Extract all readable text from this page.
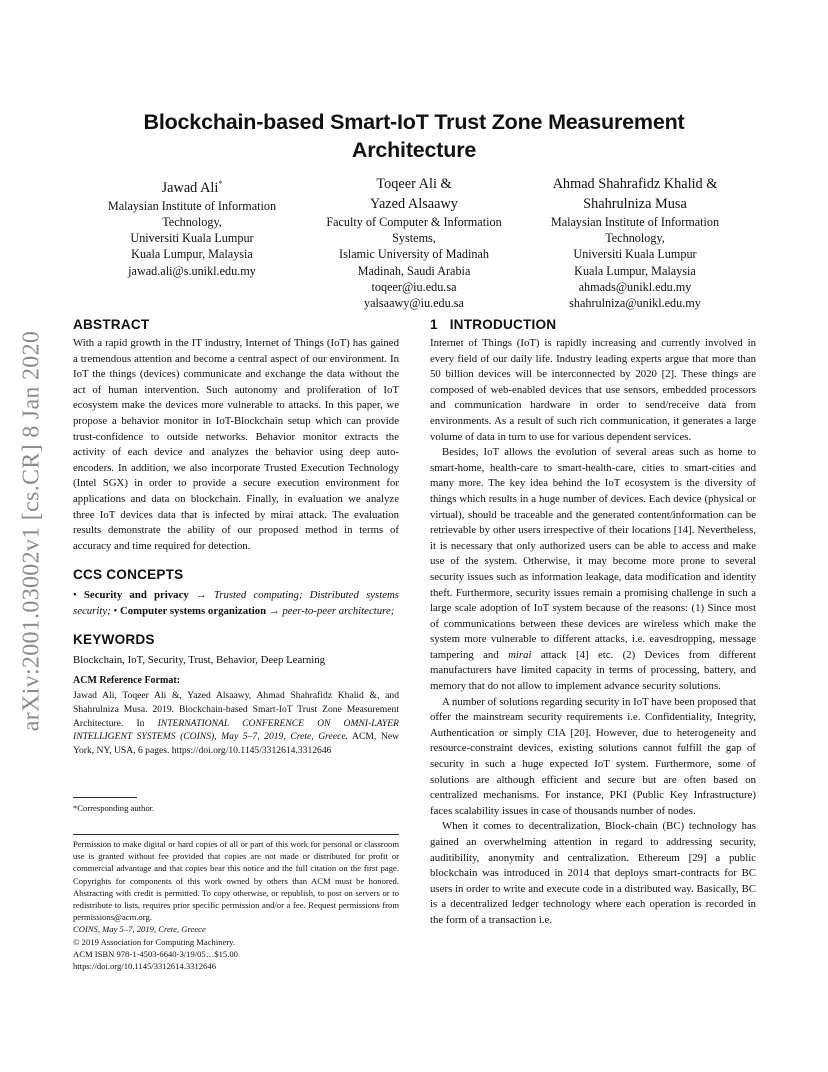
Blockchain-based Smart-IoT Trust Zone Measurement
Architecture
arXiv:2001.03002v1 [cs.CR] 8 Jan 2020
Jawad Ali*
Malaysian Institute of Information
Technology,
Universiti Kuala Lumpur
Kuala Lumpur, Malaysia
jawad.ali@s.unikl.edu.my
Toqeer Ali &
Yazed Alsaawy
Faculty of Computer & Information
Systems,
Islamic University of Madinah
Madinah, Saudi Arabia
toqeer@iu.edu.sa
yalsaawy@iu.edu.sa
Ahmad Shahrafidz Khalid &
Shahrulniza Musa
Malaysian Institute of Information
Technology,
Universiti Kuala Lumpur
Kuala Lumpur, Malaysia
ahmads@unikl.edu.my
shahrulniza@unikl.edu.my
ABSTRACT

With a rapid growth in the IT industry, Internet of Things (IoT) has gained a tremendous attention and become a central aspect of our environment. In IoT the things (devices) communicate and exchange the data without the act of human intervention. Such autonomy and proliferation of IoT ecosystem make the devices more vulnerable to attacks. In this paper, we propose a behavior monitor in IoT-Blockchain setup which can provide trust-confidence to outside networks. Behavior monitor extracts the activity of each device and analyzes the behavior using deep auto-encoders. In addition, we also incorporate Trusted Execution Technology (Intel SGX) in order to provide a secure execution environment for applications and data on blockchain. Finally, in evaluation we analyze three IoT devices data that is infected by mirai attack. The evaluation results demonstrate the ability of our proposed method in terms of accuracy and time required for detection.

CCS CONCEPTS

• Security and privacy → Trusted computing; Distributed systems security; • Computer systems organization → peer-to-peer architecture;

KEYWORDS

Blockchain, IoT, Security, Trust, Behavior, Deep Learning

ACM Reference Format:

Jawad Ali, Toqeer Ali &, Yazed Alsaawy, Ahmad Shahrafidz Khalid &, and Shahrulniza Musa. 2019. Blockchain-based Smart-IoT Trust Zone Measurement Architecture. In INTERNATIONAL CONFERENCE ON OMNI-LAYER INTELLIGENT SYSTEMS (COINS), May 5–7, 2019, Crete, Greece. ACM, New York, NY, USA, 6 pages. https://doi.org/10.1145/3312614.3312646

*Corresponding author.

Permission to make digital or hard copies of all or part of this work for personal or classroom use is granted without fee provided that copies are not made or distributed for profit or commercial advantage and that copies bear this notice and the full citation on the first page. Copyrights for components of this work owned by others than ACM must be honored. Abstracting with credit is permitted. To copy otherwise, or republish, to post on servers or to redistribute to lists, requires prior specific permission and/or a fee. Request permissions from permissions@acm.org.

COINS, May 5–7, 2019, Crete, Greece

© 2019 Association for Computing Machinery.

ACM ISBN 978-1-4503-6640-3/19/05…$15.00

https://doi.org/10.1145/3312614.3312646

1 INTRODUCTION

Internet of Things (IoT) is rapidly increasing and currently involved in every field of our daily life. Industry leading experts argue that more than 50 billion devices will be interconnected by 2020 [2]. These things are composed of web-enabled devices that use sensors, embedded processors and communication hardware in order to send/receive data from environments. As a result of such rich communication, it generates a large volume of data in turn to use for various dependent services.

Besides, IoT allows the evolution of several areas such as home to smart-home, health-care to smart-health-care, cities to smart-cities and many more. The key idea behind the IoT ecosystem is the diversity of things which results in a huge number of devices. Each device (physical or virtual), should be traceable and the generated content/information can be retrievable by other users irrespective of their locations [14]. Nevertheless, it is necessary that only authorized users can be able to access and make use of the system. Otherwise, it may become more prone to several security issues such as information leakage, data modification and identity theft. Furthermore, security issues remain a promising challenge in such a large scale adoption of IoT system because of the reasons: (1) Since most of communications between these devices are wireless which make the system more vulnerable to different attacks, i.e. eavesdropping, message tampering and mirai attack [4] etc. (2) Devices from different manufacturers have limited capacity in terms of processing, battery, and memory that do not allow to implement advance security solutions.

A number of solutions regarding security in IoT have been proposed that offer the mainstream security requirements i.e. Confidentiality, Integrity, Authentication or simply CIA [20]. However, due to heterogeneity and resource-constraint devices, existing solutions cannot fulfill the gap of security in such a huge expected IoT system. Furthermore, some of solutions are although efficient and secure but are often based on centralized mechanisms. For instance, PKI (Public Key Infrastructure) faces scalability issues in case of thousands number of nodes.

When it comes to decentralization, Block-chain (BC) technology has gained an overwhelming attention in regard to addressing security, auditibility, anonymity and centralization. Ethereum [29] a public blockchain was introduced in 2014 that deploys smart-contracts for BC users in order to write and execute code in a distributed way. Basically, BC is a decentralized ledger technology where each operation is recorded in the form of a transaction i.e.
